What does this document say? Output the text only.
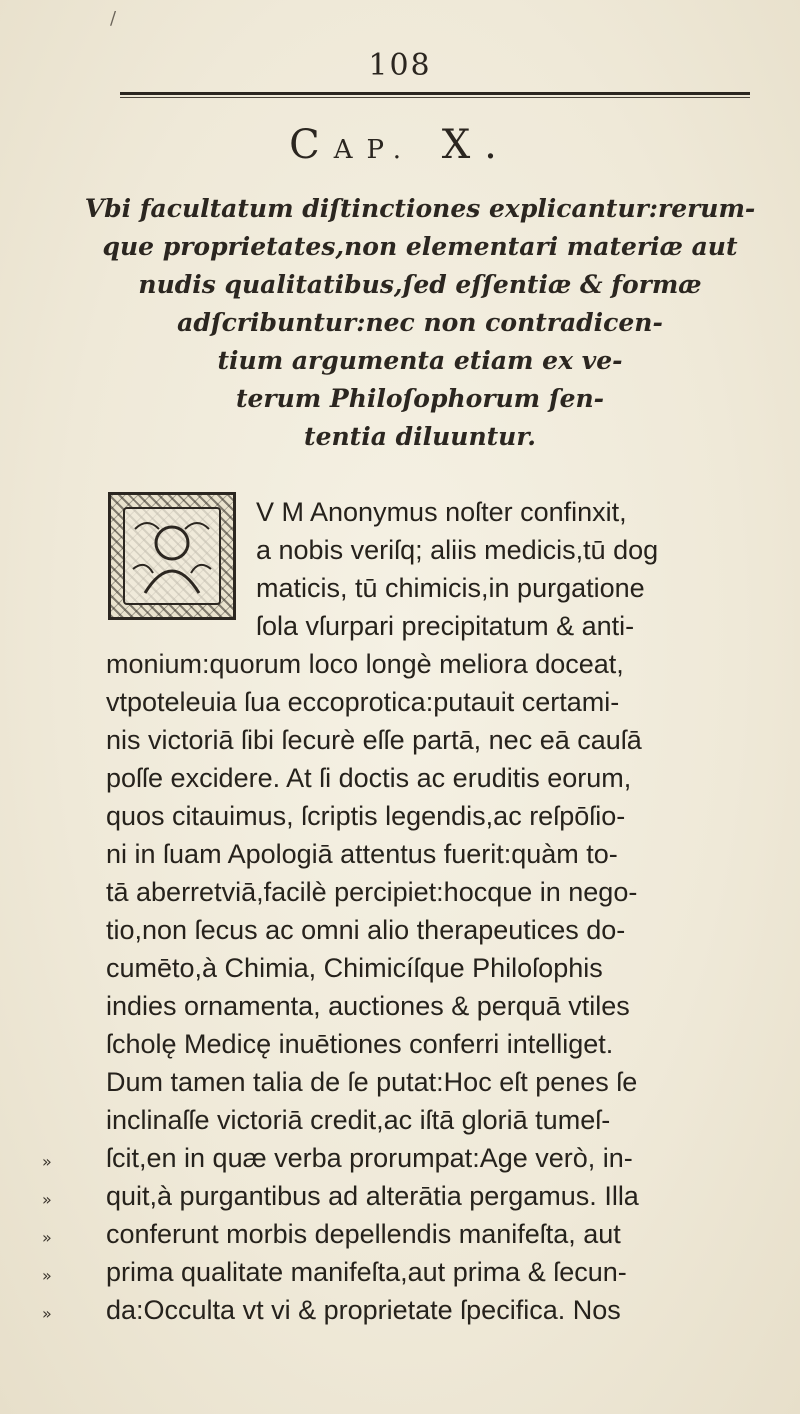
/
108
CAP. X.
Vbi facultatum diſtinctiones explicantur:rerum-
que proprietates,non elementari materiæ aut
nudis qualitatibus,ſed eſſentiæ & formæ
adſcribuntur:nec non contradicen-
tium argumenta etiam ex ve-
terum Philoſophorum ſen-
tentia diluuntur.
V M Anonymus noſter confinxit,
a nobis veriſq; aliis medicis,tū dog
maticis, tū chimicis,in purgatione
ſola vſurpari precipitatum & anti-
monium:quorum loco longè meliora doceat,
vtpoteleuia ſua eccoprotica:putauit certami-
nis victoriā ſibi ſecurè eſſe partā, nec eā cauſā
poſſe excidere. At ſi doctis ac eruditis eorum,
quos citauimus, ſcriptis legendis,ac reſpōſio-
ni in ſuam Apologiā attentus fuerit:quàm to-
tā aberretviā,facilè percipiet:hocque in nego-
tio,non ſecus ac omni alio therapeutices do-
cumēto,à Chimia, Chimicíſque Philoſophis
indies ornamenta, auctiones & perquā vtiles
ſcholę Medicę inuētiones conferri intelliget.
Dum tamen talia de ſe putat:Hoc eſt penes ſe
inclinaſſe victoriā credit,ac iſtā gloriā tumeſ-
ſcit,en in quæ verba prorumpat:Age verò, in-
quit,à purgantibus ad alterātia pergamus. Illa
conferunt morbis depellendis manifeſta, aut
prima qualitate manifeſta,aut prima & ſecun-
da:Occulta vt vi & proprietate ſpecifica. Nos
»
»
»
»
»
